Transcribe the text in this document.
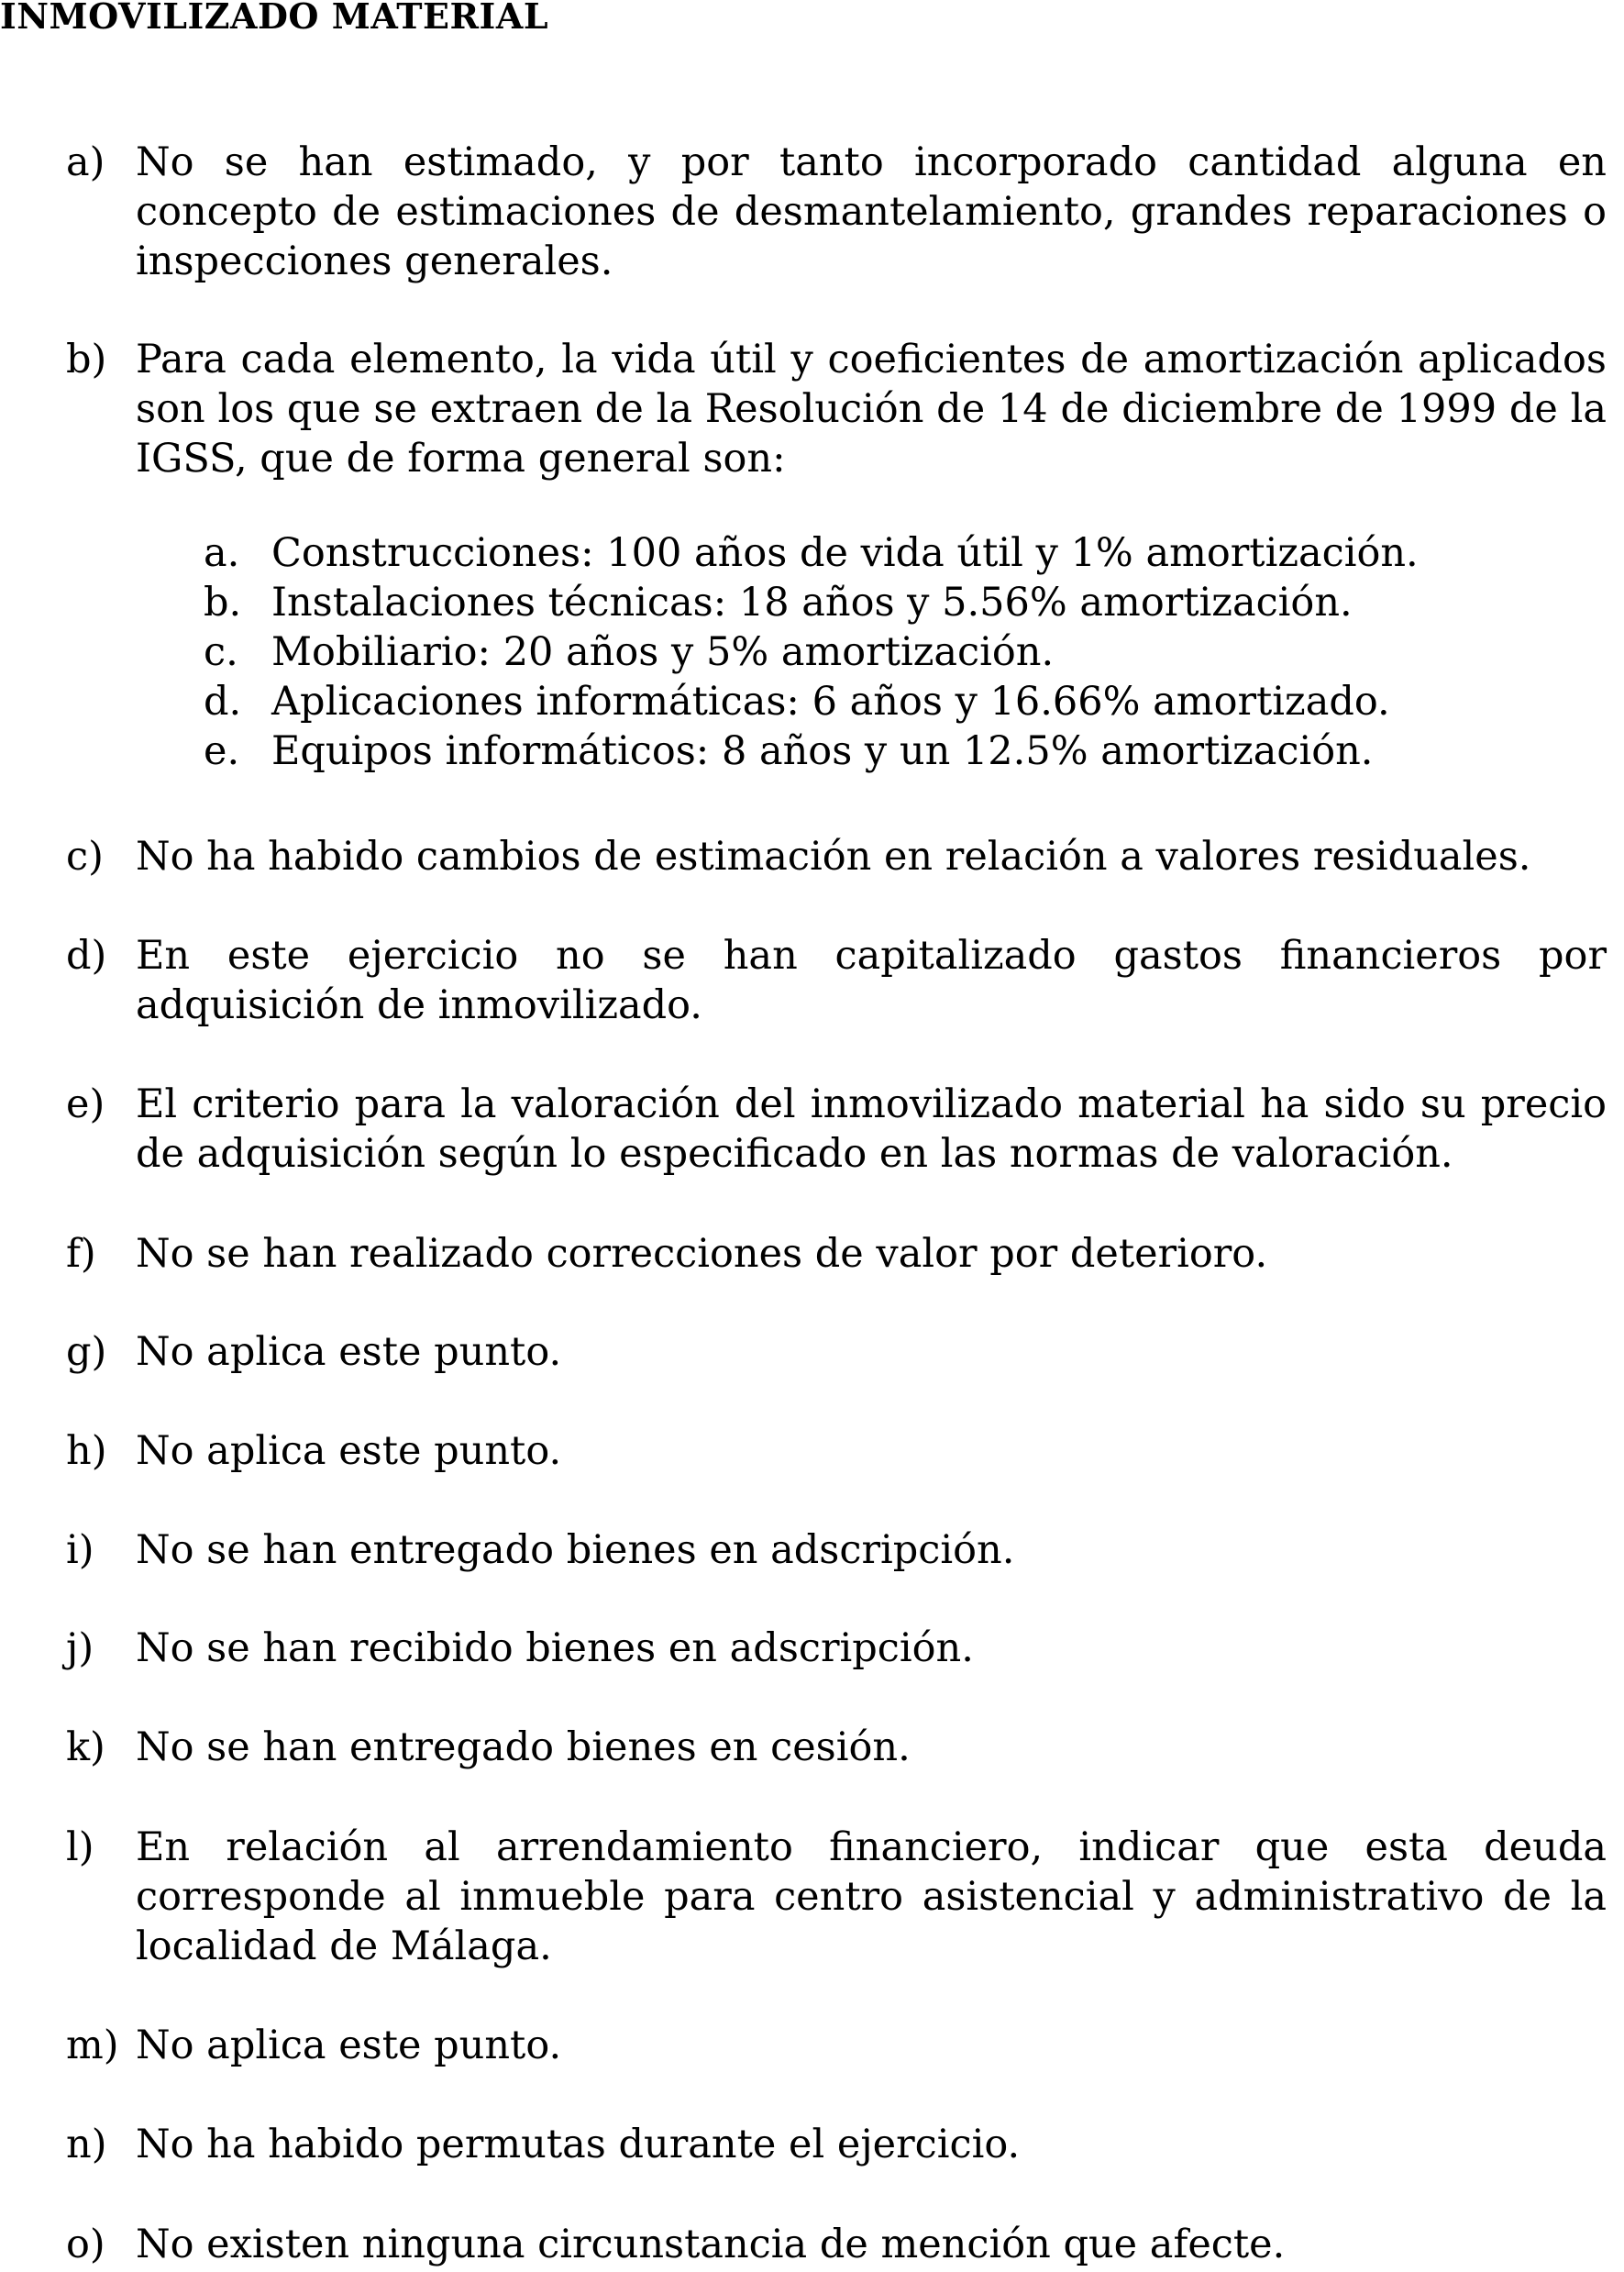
INMOVILIZADO MATERIAL
a) No se han estimado, y por tanto incorporado cantidad alguna en concepto de estimaciones de desmantelamiento, grandes reparaciones o inspecciones generales.
b) Para cada elemento, la vida útil y coeficientes de amortización aplicados son los que se extraen de la Resolución de 14 de diciembre de 1999 de la IGSS, que de forma general son:
c) No ha habido cambios de estimación en relación a valores residuales.
d) En este ejercicio no se han capitalizado gastos financieros por adquisición de inmovilizado.
e) El criterio para la valoración del inmovilizado material ha sido su precio de adquisición según lo especificado en las normas de valoración.
f)	No se han realizado correcciones de valor por deterioro.
g) No aplica este punto.
h) No aplica este punto.
i)	No se han entregado bienes en adscripción.
j)	No se han recibido bienes en adscripción.
k) No se han entregado bienes en cesión.
l)	En relación al arrendamiento financiero, indicar que esta deuda corresponde al inmueble para centro asistencial y administrativo de la localidad de Málaga.
m) No aplica este punto.
n) No ha habido permutas durante el ejercicio.
o) No existen ninguna circunstancia de mención que afecte.
a. Construcciones: 100 años de vida útil y 1% amortización.
b. Instalaciones técnicas: 18 años y 5.56% amortización.
c. Mobiliario: 20 años y 5% amortización.
d. Aplicaciones informáticas: 6 años y 16.66% amortizado.
e. Equipos informáticos: 8 años y un 12.5% amortización.
